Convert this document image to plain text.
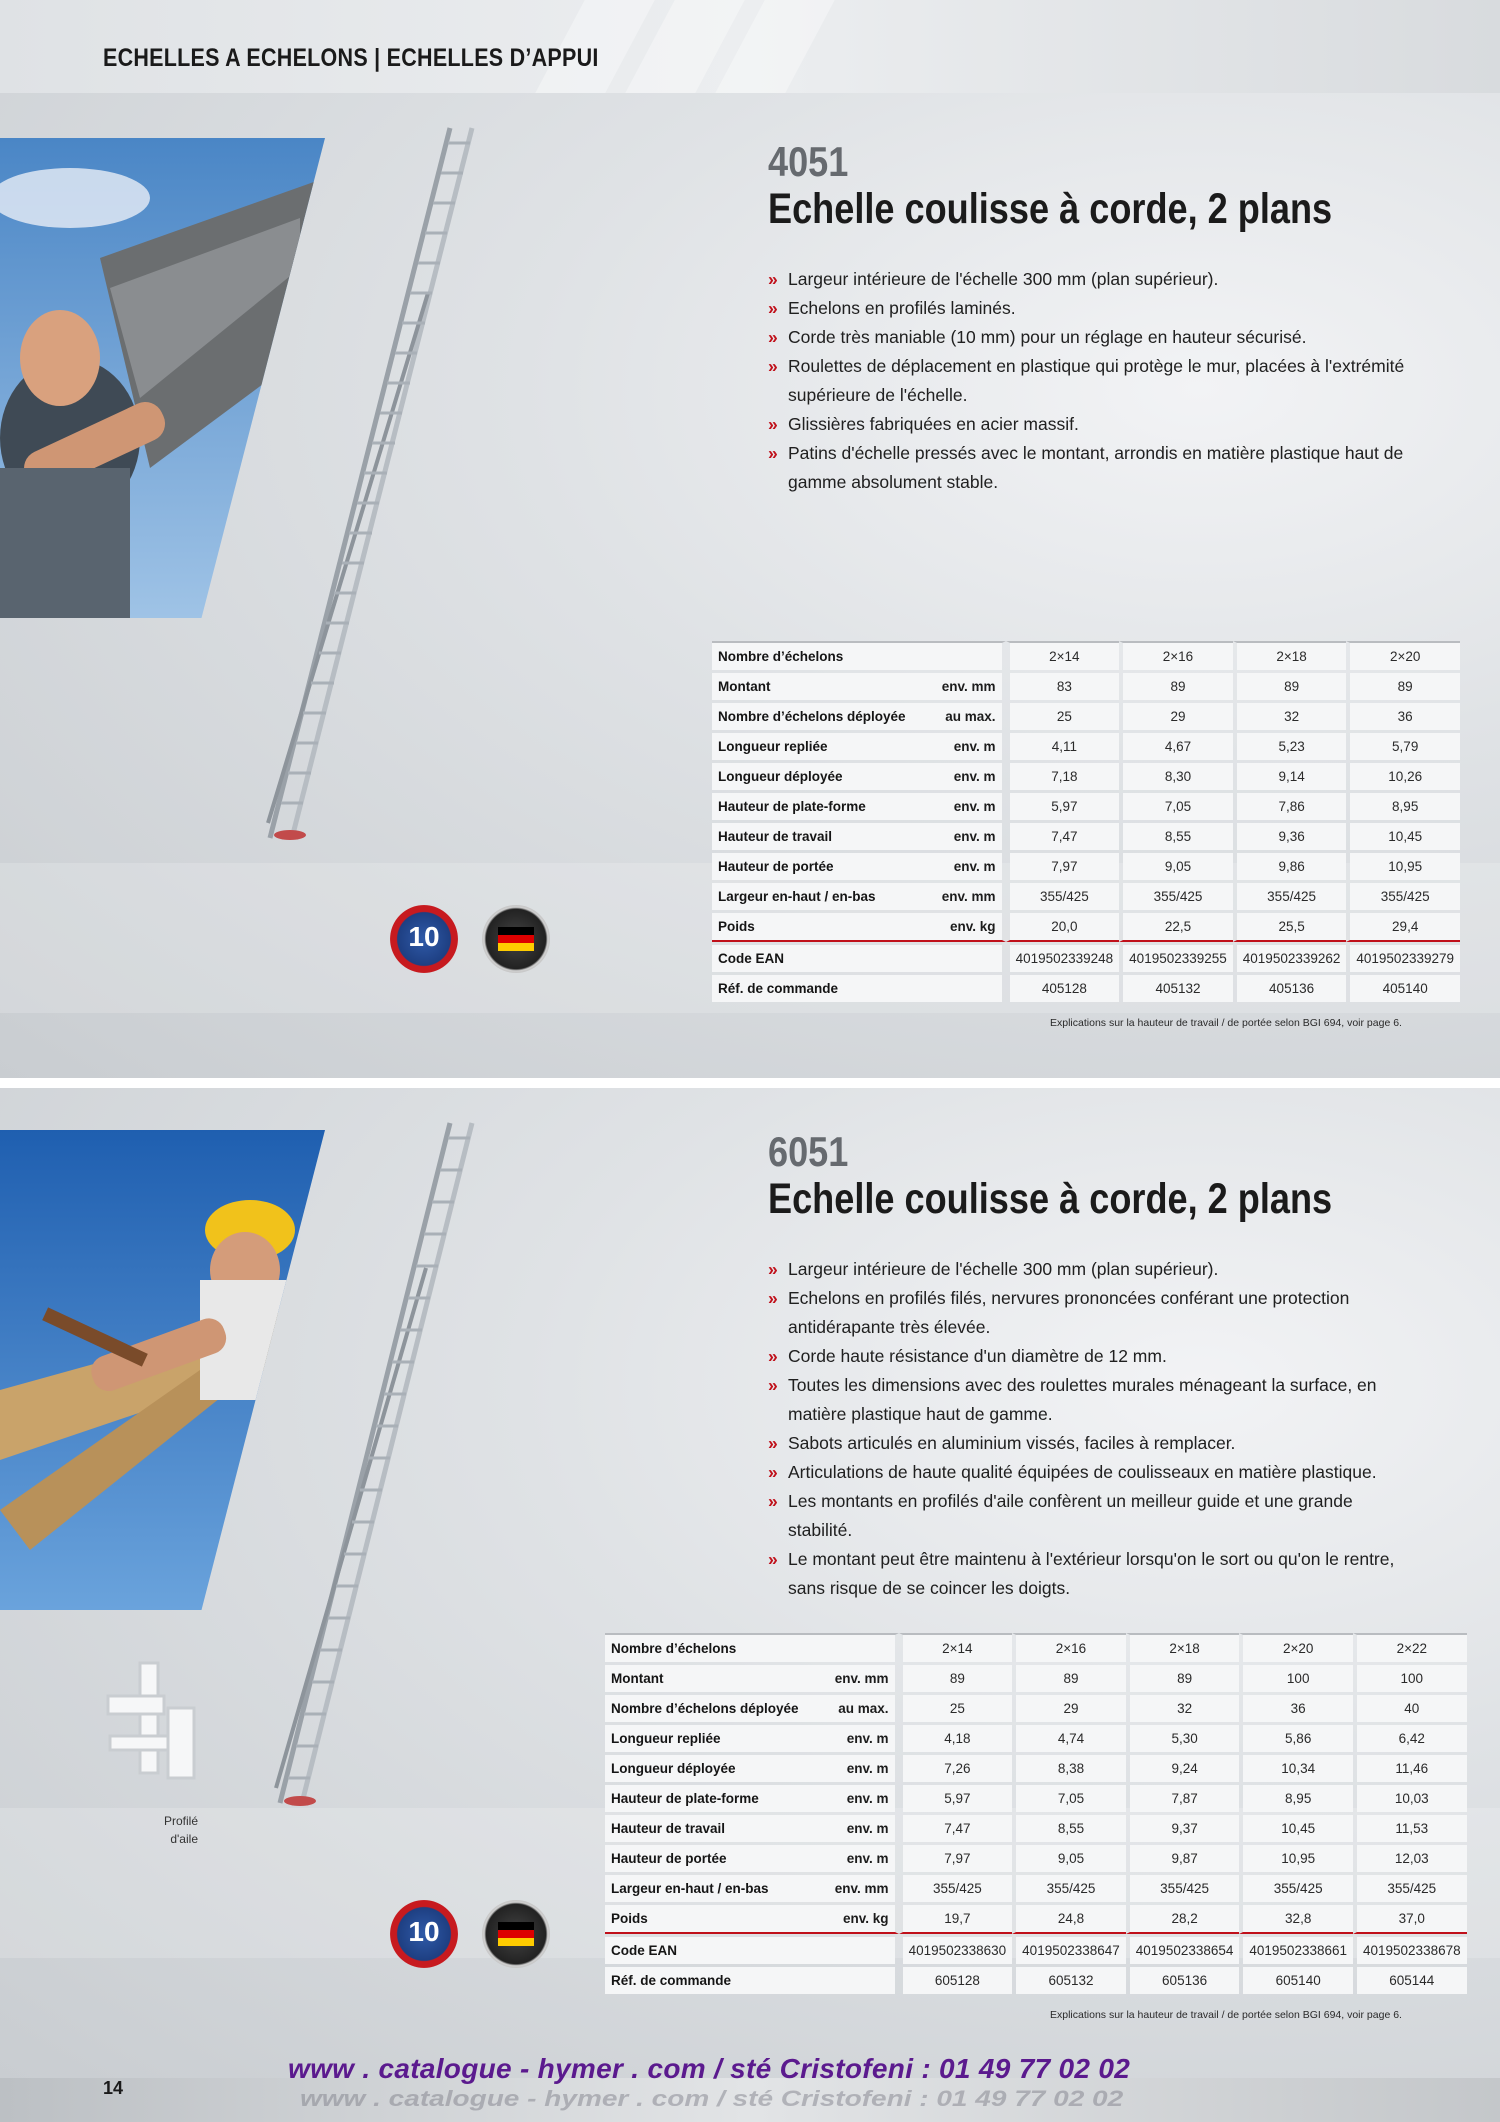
ECHELLES A ECHELONS | ECHELLES D’APPUI
10
4051
Echelle coulisse à corde, 2 plans
» Largeur intérieure de l'échelle 300 mm (plan supérieur).
» Echelons en profilés laminés.
» Corde très maniable (10 mm) pour un réglage en hauteur sécurisé.
» Roulettes de déplacement en plastique qui protège le mur, placées à l'extrémité supérieure de l'échelle.
» Glissières fabriquées en acier massif.
» Patins d'échelle pressés avec le montant, arrondis en matière plastique haut de gamme absolument stable.
Nombre d’échelons		2×14	2×16	2×18	2×20
Montant	env. mm	83	89	89	89
Nombre d’échelons déployée	au max.	25	29	32	36
Longueur repliée	env. m	4,11	4,67	5,23	5,79
Longueur déployée	env. m	7,18	8,30	9,14	10,26
Hauteur de plate-forme	env. m	5,97	7,05	7,86	8,95
Hauteur de travail	env. m	7,47	8,55	9,36	10,45
Hauteur de portée	env. m	7,97	9,05	9,86	10,95
Largeur en-haut / en-bas	env. mm	355/425	355/425	355/425	355/425
Poids	env. kg	20,0	22,5	25,5	29,4
Code EAN		4019502339248	4019502339255	4019502339262	4019502339279
Réf. de commande		405128	405132	405136	405140
Explications sur la hauteur de travail / de portée selon BGI 694, voir page 6.
Profilé
d'aile
10
6051
Echelle coulisse à corde, 2 plans
» Largeur intérieure de l'échelle 300 mm (plan supérieur).
» Echelons en profilés filés, nervures prononcées conférant une protection antidérapante très élevée.
» Corde haute résistance d'un diamètre de 12 mm.
» Toutes les dimensions avec des roulettes murales ménageant la surface, en matière plastique haut de gamme.
» Sabots articulés en aluminium vissés, faciles à remplacer.
» Articulations de haute qualité équipées de coulisseaux en matière plastique.
» Les montants en profilés d'aile confèrent un meilleur guide et une grande stabilité.
» Le montant peut être maintenu à l'extérieur lorsqu'on le sort ou qu'on le rentre, sans risque de se coincer les doigts.
Nombre d’échelons		2×14	2×16	2×18	2×20	2×22
Montant	env. mm	89	89	89	100	100
Nombre d’échelons déployée	au max.	25	29	32	36	40
Longueur repliée	env. m	4,18	4,74	5,30	5,86	6,42
Longueur déployée	env. m	7,26	8,38	9,24	10,34	11,46
Hauteur de plate-forme	env. m	5,97	7,05	7,87	8,95	10,03
Hauteur de travail	env. m	7,47	8,55	9,37	10,45	11,53
Hauteur de portée	env. m	7,97	9,05	9,87	10,95	12,03
Largeur en-haut / en-bas	env. mm	355/425	355/425	355/425	355/425	355/425
Poids	env. kg	19,7	24,8	28,2	32,8	37,0
Code EAN		4019502338630	4019502338647	4019502338654	4019502338661	4019502338678
Réf. de commande		605128	605132	605136	605140	605144
Explications sur la hauteur de travail / de portée selon BGI 694, voir page 6.
www . catalogue - hymer . com / sté Cristofeni : 01 49 77 02 02
www . catalogue - hymer . com / sté Cristofeni : 01 49 77 02 02
14
